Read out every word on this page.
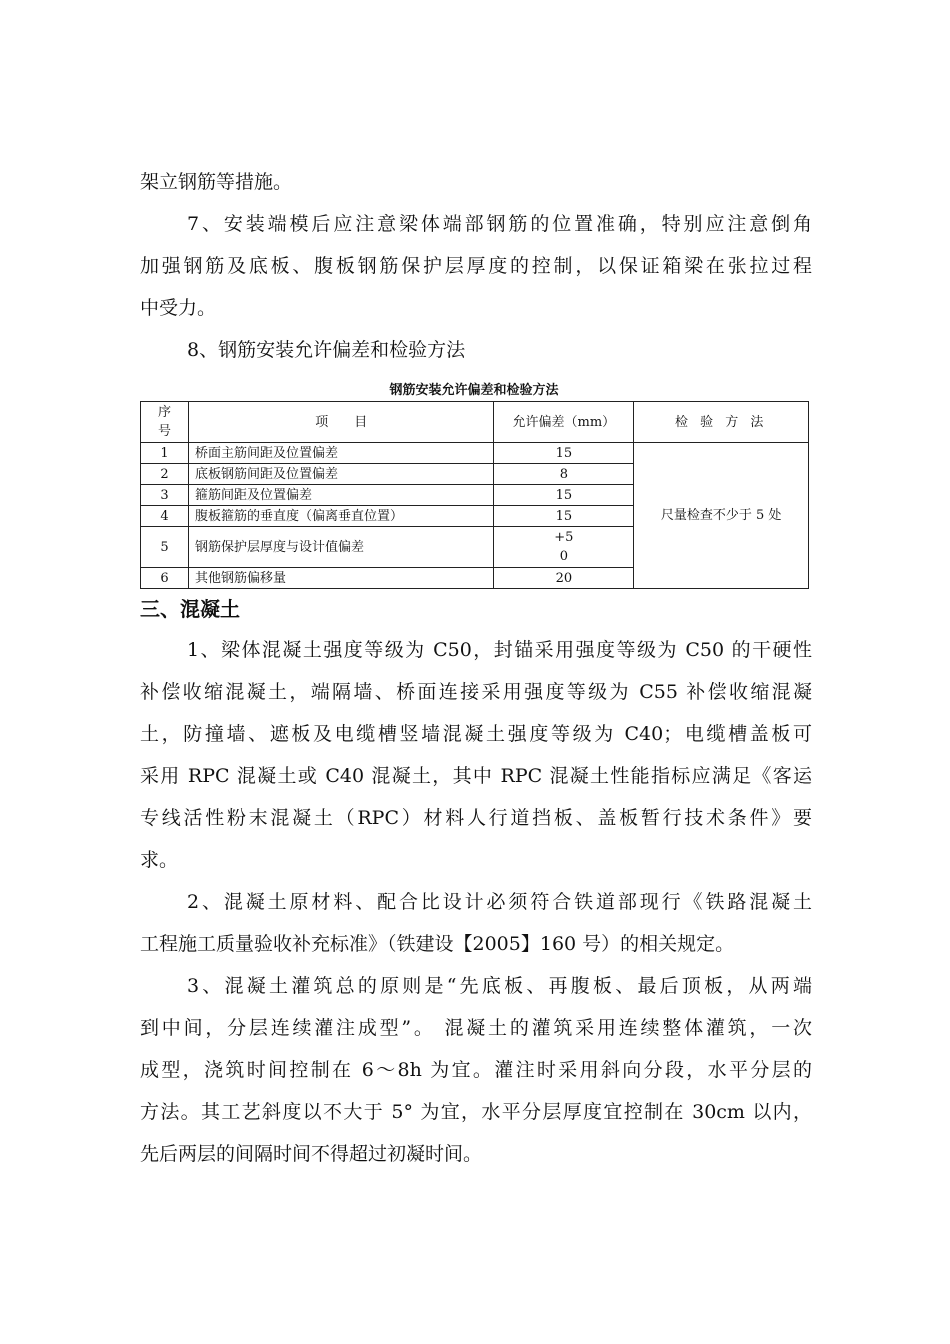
架立钢筋等措施。
7、安装端模后应注意梁体端部钢筋的位置准确，特别应注意倒角
加强钢筋及底板、腹板钢筋保护层厚度的控制，以保证箱梁在张拉过程
中受力。
8、钢筋安装允许偏差和检验方法
钢筋安装允许偏差和检验方法
序
号	项　　目	允许偏差（mm）	检 验 方 法
1	桥面主筋间距及位置偏差	15	尺量检查不少于 5 处
2	底板钢筋间距及位置偏差	8	
3	箍筋间距及位置偏差	15	
4	腹板箍筋的垂直度（偏离垂直位置）	15	
5	钢筋保护层厚度与设计值偏差	+5
0	

6	其他钢筋偏移量	20	
三、混凝土
1、梁体混凝土强度等级为 C50，封锚采用强度等级为 C50 的干硬性
补偿收缩混凝土，端隔墙、桥面连接采用强度等级为 C55 补偿收缩混凝
土，防撞墙、遮板及电缆槽竖墙混凝土强度等级为 C40；电缆槽盖板可
采用 RPC 混凝土或 C40 混凝土，其中 RPC 混凝土性能指标应满足《客运
专线活性粉末混凝土（RPC）材料人行道挡板、盖板暂行技术条件》要
求。
2、混凝土原材料、配合比设计必须符合铁道部现行《铁路混凝土
工程施工质量验收补充标准》（铁建设【2005】160 号）的相关规定。
3、混凝土灌筑总的原则是“先底板、再腹板、最后顶板，从两端
到中间，分层连续灌注成型”。 混凝土的灌筑采用连续整体灌筑，一次
成型，浇筑时间控制在 6～8h 为宜。灌注时采用斜向分段，水平分层的
方法。其工艺斜度以不大于 5° 为宜，水平分层厚度宜控制在 30cm 以内，
先后两层的间隔时间不得超过初凝时间。
